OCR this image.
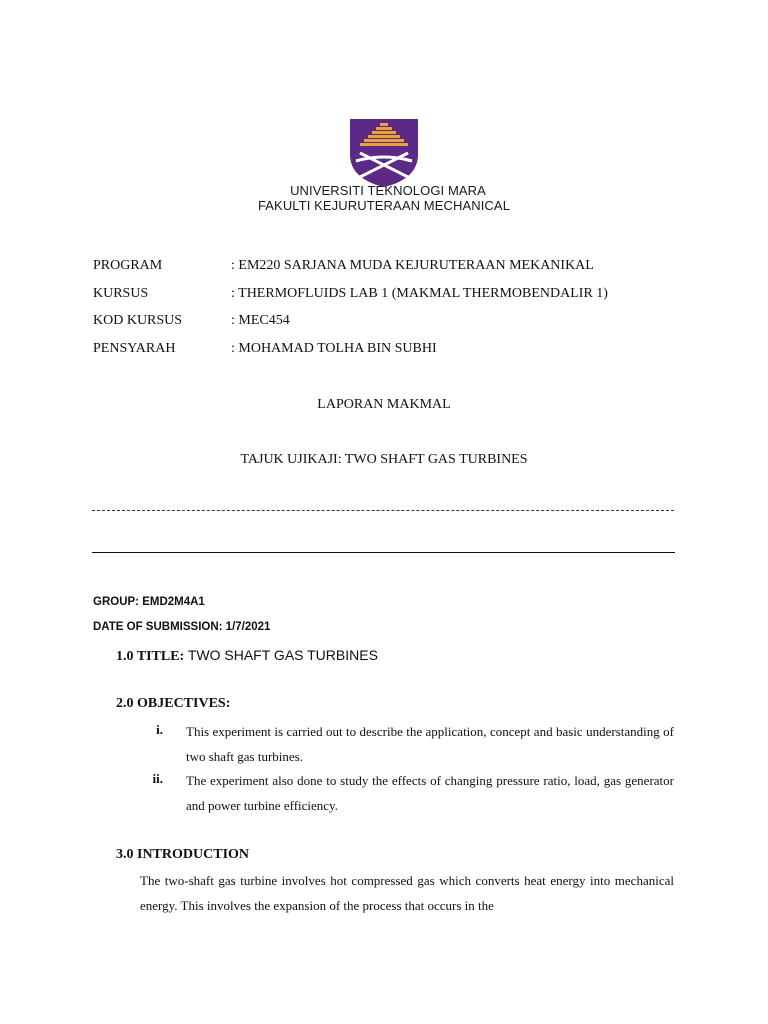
UNIVERSITI TEKNOLOGI MARA
FAKULTI KEJURUTERAAN MECHANICAL
PROGRAM	: EM220 SARJANA MUDA KEJURUTERAAN MEKANIKAL
KURSUS	: THERMOFLUIDS LAB 1 (MAKMAL THERMOBENDALIR 1)
KOD KURSUS	: MEC454
PENSYARAH	: MOHAMAD TOLHA BIN SUBHI
LAPORAN MAKMAL
TAJUK UJIKAJI: TWO SHAFT GAS TURBINES
GROUP: EMD2M4A1
DATE OF SUBMISSION: 1/7/2021
1.0 TITLE: TWO SHAFT GAS TURBINES
2.0 OBJECTIVES:
i. This experiment is carried out to describe the application, concept and basic understanding of two shaft gas turbines.
ii. The experiment also done to study the effects of changing pressure ratio, load, gas generator and power turbine efficiency.
3.0 INTRODUCTION
The two-shaft gas turbine involves hot compressed gas which converts heat energy into mechanical energy. This involves the expansion of the process that occurs in the
